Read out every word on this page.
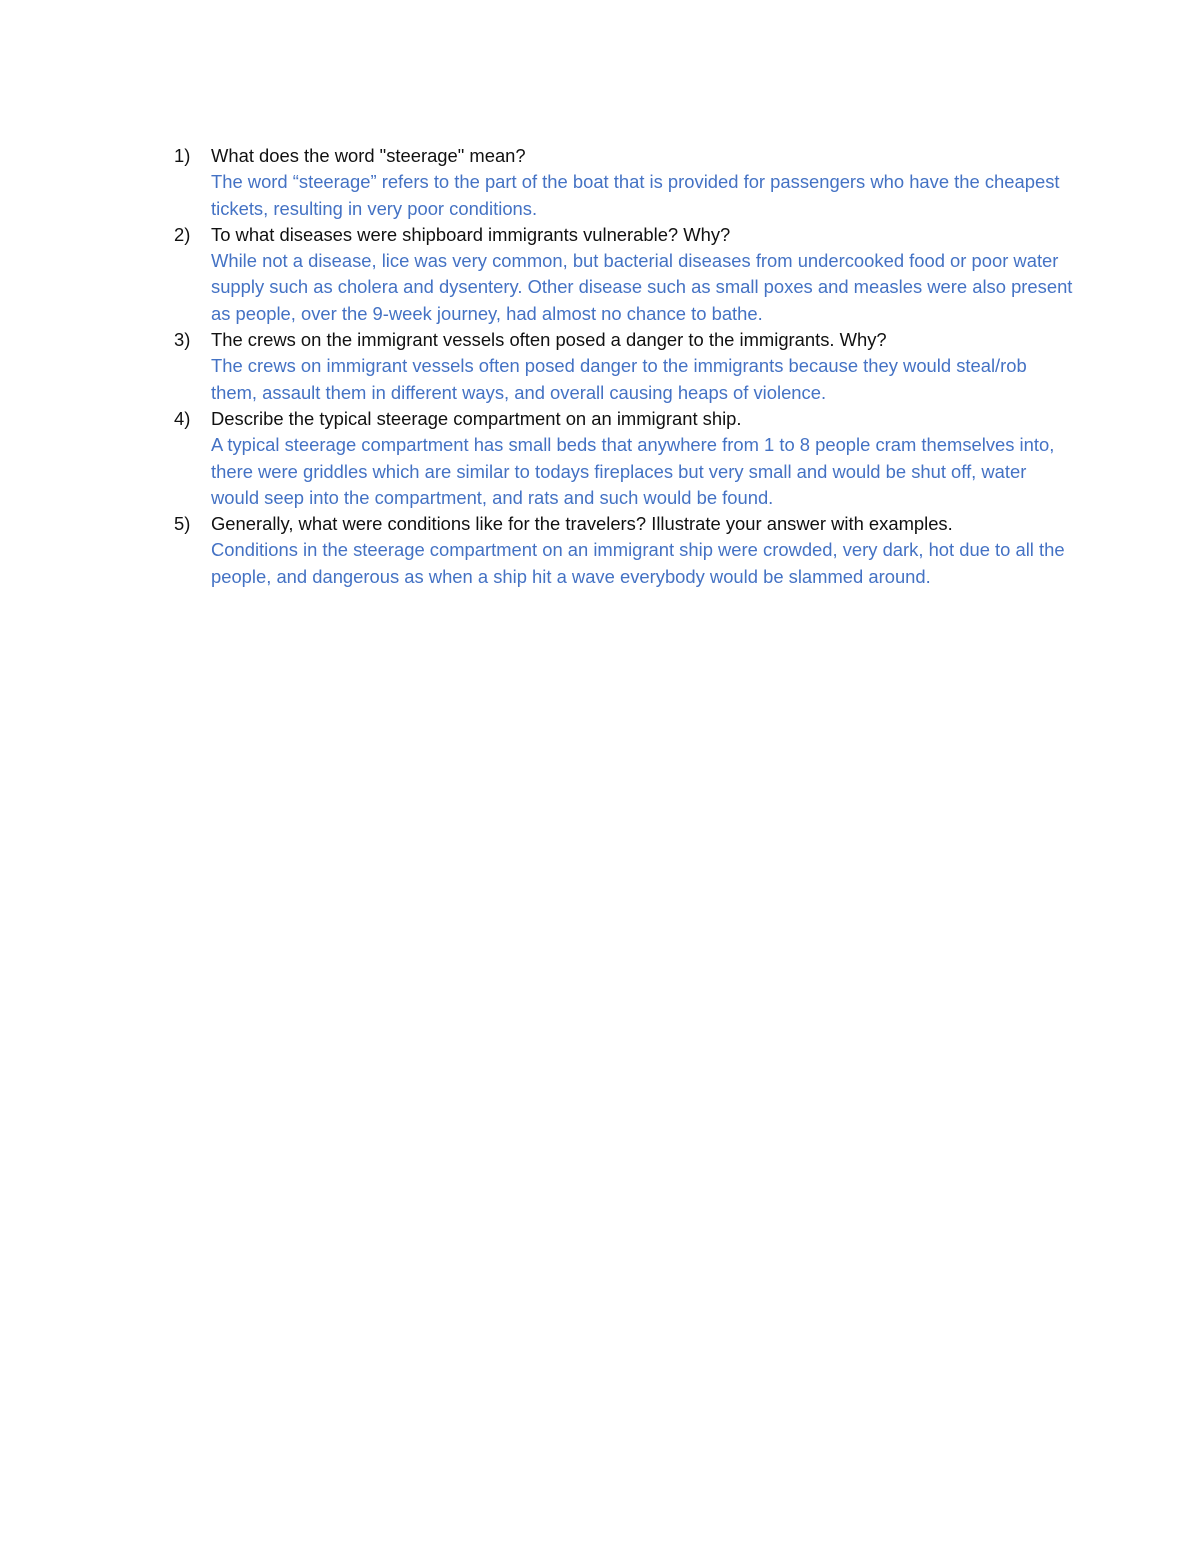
1) What does the word "steerage" mean?
The word “steerage” refers to the part of the boat that is provided for passengers who have the cheapest tickets, resulting in very poor conditions.
2) To what diseases were shipboard immigrants vulnerable? Why?
While not a disease, lice was very common, but bacterial diseases from undercooked food or poor water supply such as cholera and dysentery. Other disease such as small poxes and measles were also present as people, over the 9-week journey, had almost no chance to bathe.
3) The crews on the immigrant vessels often posed a danger to the immigrants. Why?
The crews on immigrant vessels often posed danger to the immigrants because they would steal/rob them, assault them in different ways, and overall causing heaps of violence.
4) Describe the typical steerage compartment on an immigrant ship.
A typical steerage compartment has small beds that anywhere from 1 to 8 people cram themselves into, there were griddles which are similar to todays fireplaces but very small and would be shut off, water would seep into the compartment, and rats and such would be found.
5) Generally, what were conditions like for the travelers? Illustrate your answer with examples.
Conditions in the steerage compartment on an immigrant ship were crowded, very dark, hot due to all the people, and dangerous as when a ship hit a wave everybody would be slammed around.
